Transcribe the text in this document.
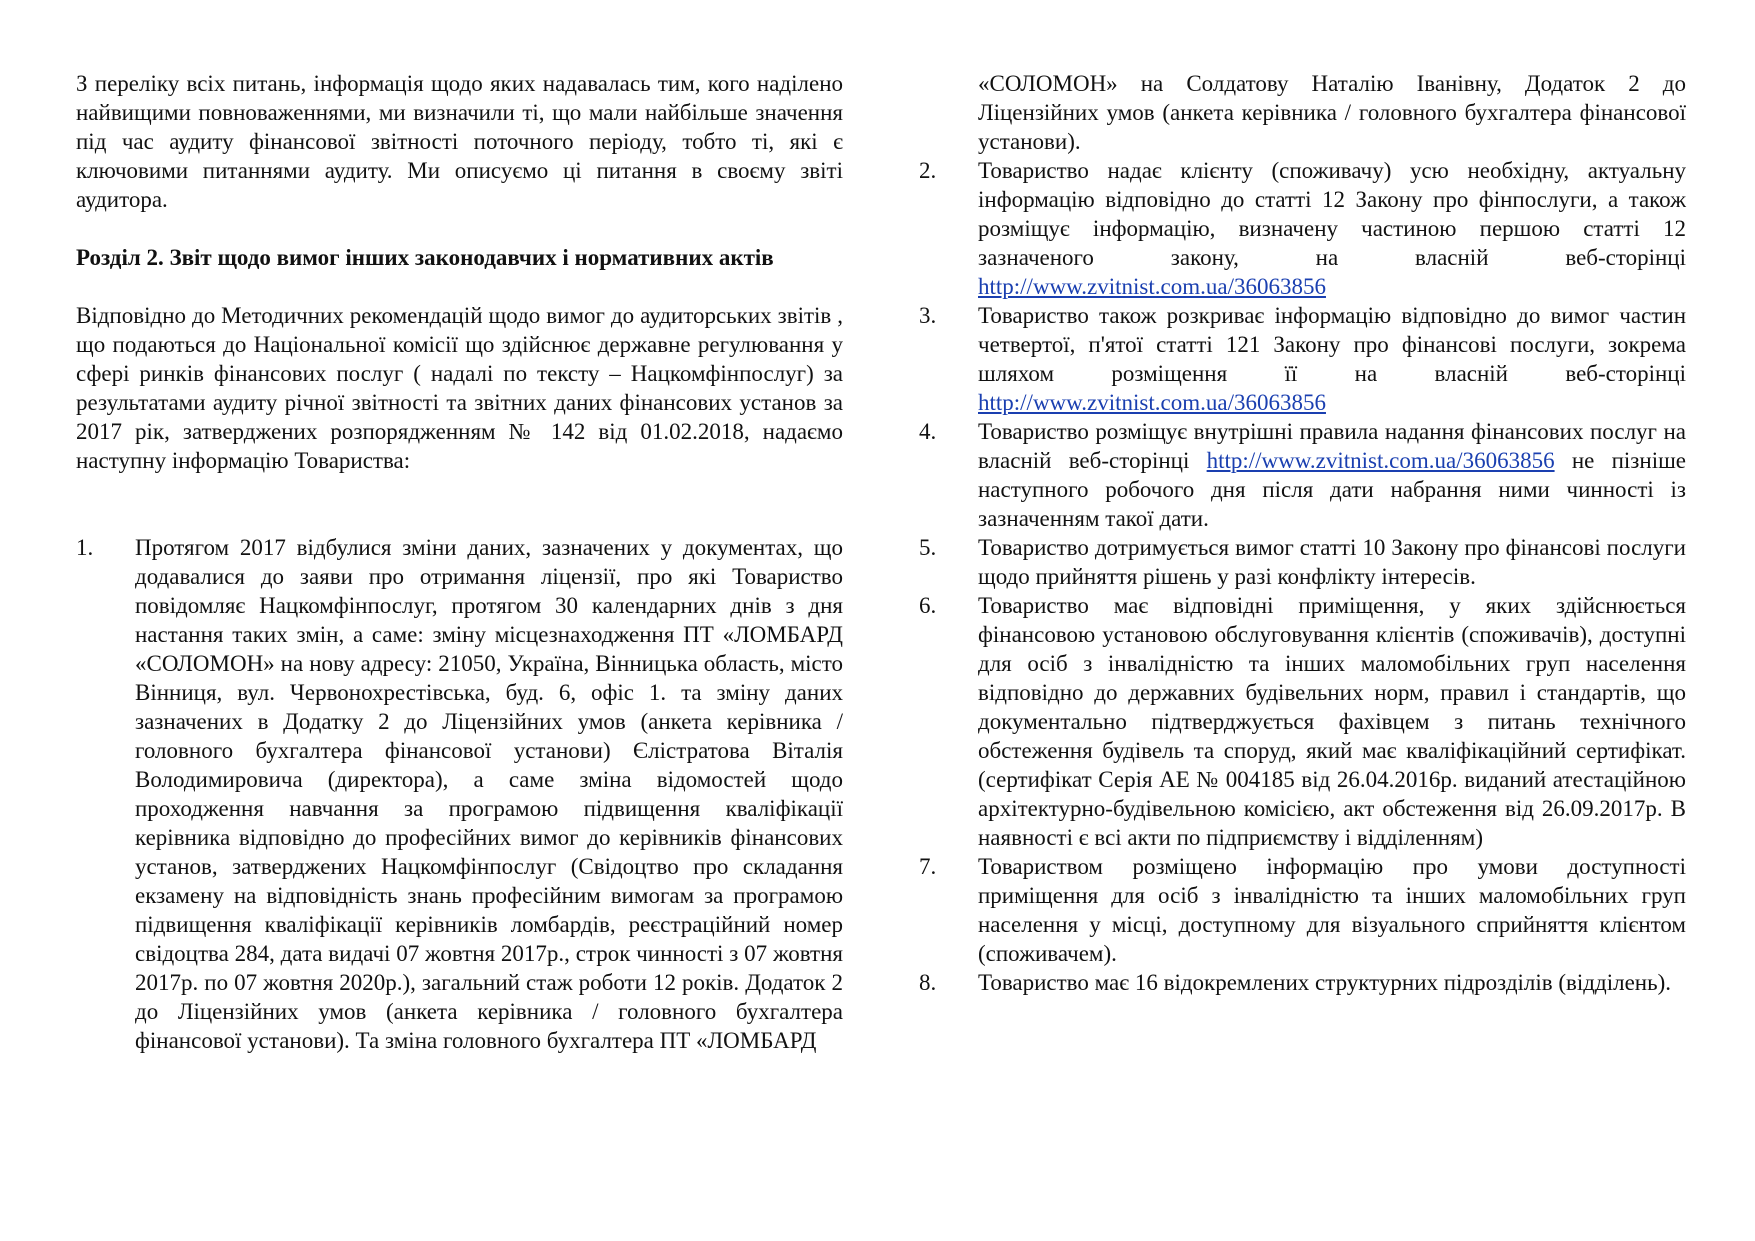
З переліку всіх питань, інформація щодо яких надавалась тим, кого наділено найвищими повноваженнями, ми визначили ті, що мали найбільше значення під час аудиту фінансової звітності поточного періоду, тобто ті, які є ключовими питаннями аудиту. Ми описуємо ці питання в своєму звіті аудитора.

Розділ 2. Звіт щодо вимог інших законодавчих і нормативних актів

Відповідно до Методичних рекомендацій щодо вимог до аудиторських звітів , що подаються до Національної комісії що здійснює державне регулювання у сфері ринків фінансових послуг ( надалі по тексту – Нацкомфінпослуг) за результатами аудиту річної звітності та звітних даних фінансових установ за 2017 рік, затверджених розпорядженням № 142 від 01.02.2018, надаємо наступну інформацію Товариства:

1.	Протягом 2017 відбулися зміни даних, зазначених у документах, що додавалися до заяви про отримання ліцензії, про які Товариство повідомляє Нацкомфінпослуг, протягом 30 календарних днів з дня настання таких змін, а саме: зміну місцезнаходження ПТ «ЛОМБАРД «СОЛОМОН» на нову адресу: 21050, Україна, Вінницька область, місто Вінниця, вул. Червонохрестівська, буд. 6, офіс 1. та зміну даних зазначених в Додатку 2 до Ліцензійних умов (анкета керівника / головного бухгалтера фінансової установи) Єлістратова Віталія Володимировича (директора), а саме зміна відомостей щодо проходження навчання за програмою підвищення кваліфікації керівника відповідно до професійних вимог до керівників фінансових установ, затверджених Нацкомфінпослуг (Свідоцтво про складання екзамену на відповідність знань професійним вимогам за програмою підвищення кваліфікації керівників ломбардів, реєстраційний номер свідоцтва 284, дата видачі 07 жовтня 2017р., строк чинності з 07 жовтня 2017р. по 07 жовтня 2020р.), загальний стаж роботи 12 років. Додаток 2 до Ліцензійних умов (анкета керівника / головного бухгалтера фінансової установи). Та зміна головного бухгалтера ПТ «ЛОМБАРД

«СОЛОМОН» на Солдатову Наталію Іванівну, Додаток 2 до Ліцензійних умов (анкета керівника / головного бухгалтера фінансової установи).

2.	Товариство надає клієнту (споживачу) усю необхідну, актуальну інформацію відповідно до статті 12 Закону про фінпослуги, а також розміщує інформацію, визначену частиною першою статті 12 зазначеного закону, на власній веб-сторінці http://www.zvitnist.com.ua/36063856
3.	Товариство також розкриває інформацію відповідно до вимог частин четвертої, п'ятої статті 121 Закону про фінансові послуги, зокрема шляхом розміщення її на власній веб-сторінці http://www.zvitnist.com.ua/36063856
4.	Товариство розміщує внутрішні правила надання фінансових послуг на власній веб-сторінці http://www.zvitnist.com.ua/36063856 не пізніше наступного робочого дня після дати набрання ними чинності із зазначенням такої дати.
5.	Товариство дотримується вимог статті 10 Закону про фінансові послуги щодо прийняття рішень у разі конфлікту інтересів.
6.	Товариство має відповідні приміщення, у яких здійснюється фінансовою установою обслуговування клієнтів (споживачів), доступні для осіб з інвалідністю та інших маломобільних груп населення відповідно до державних будівельних норм, правил і стандартів, що документально підтверджується фахівцем з питань технічного обстеження будівель та споруд, який має кваліфікаційний сертифікат.(сертифікат Серія АЕ № 004185 від 26.04.2016р. виданий атестаційною архітектурно-будівельною комісією, акт обстеження від 26.09.2017р. В наявності є всі акти по підприємству і відділенням)
7.	Товариством розміщено інформацію про умови доступності приміщення для осіб з інвалідністю та інших маломобільних груп населення у місці, доступному для візуального сприйняття клієнтом (споживачем).
8.	Товариство має 16 відокремлених структурних підрозділів (відділень).
